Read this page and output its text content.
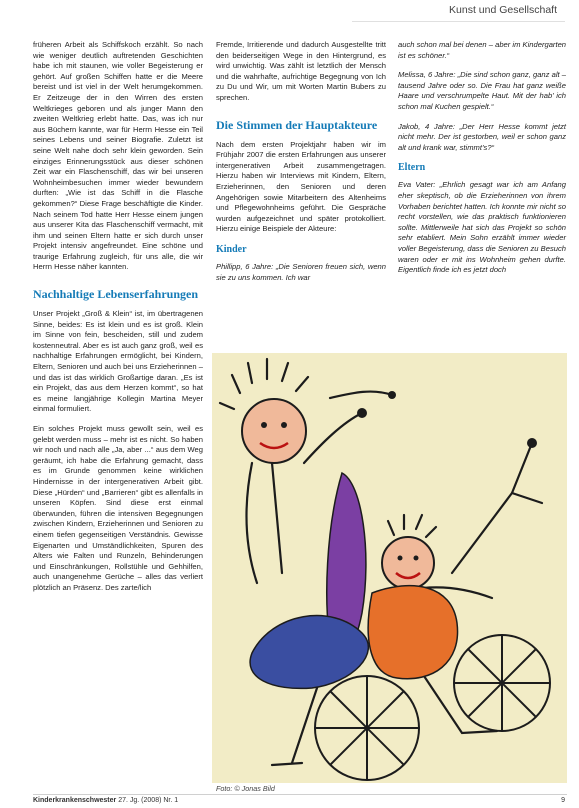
Kunst und Gesellschaft

früheren Arbeit als Schiffskoch erzählt. So nach wie weniger deutlich auftretenden Geschichten habe ich mit staunen, wie voller Begeisterung er gehört. Auf großen Schiffen hatte er die Meere bereist und ist viel in der Welt herumgekommen. Er Zeitzeuge der in den Wirren des ersten Weltkrieges geboren und als junger Mann den zweiten Weltkrieg erlebt hatte. Das, was ich nur aus Büchern kannte, war für Herrn Hesse ein Teil seines Lebens und seiner Biografie. Zuletzt ist seine Welt nahe doch sehr klein geworden. Sein einziges Erinnerungsstück aus dieser schönen Zeit war ein Flaschenschiff, das wir bei unseren Wohnheimbesuchen immer wieder bewundern durften: „Wie ist das Schiff in die Flasche gekommen?“ Diese Frage beschäftigte die Kinder. Nach seinem Tod hatte Herr Hesse einem jungen aus unserer Kita das Flaschenschiff vermacht, mit ihm und seinen Eltern hatte er sich durch unser Projekt intensiv angefreundet. Eine schöne und traurige Erfahrung zugleich, für uns alle, die wir Herrn Hesse näher kannten.

Nachhaltige Lebenserfahrungen

Unser Projekt „Groß & Klein“ ist, im übertragenen Sinne, beides: Es ist klein und es ist groß. Klein im Sinne von fein, bescheiden, still und zudem kostenneutral. Aber es ist auch ganz groß, weil es nachhaltige Erfahrungen ermöglicht, bei Kindern, Eltern, Senioren und auch bei uns Erzieherinnen – und das ist das wirklich Großartige daran. „Es ist ein Projekt, das aus dem Herzen kommt“, so hat es meine langjährige Kollegin Martina Meyer einmal formuliert.

Ein solches Projekt muss gewollt sein, weil es gelebt werden muss – mehr ist es nicht. So haben wir noch und nach alle „Ja, aber ...“ aus dem Weg geräumt, ich habe die Erfahrung gemacht, dass es im Grunde genommen keine wirklichen Hindernisse in der intergenerativen Arbeit gibt. Diese „Hürden“ und „Barrieren“ gibt es allenfalls in unseren Köpfen. Sind diese erst einmal überwunden, führen die intensiven Begegnungen zwischen Kindern, Erzieherinnen und Senioren zu einem tiefen gegenseitigen Verständnis. Gewisse Eigenarten und Umständlichkeiten, Spuren des Alters wie Falten und Runzeln, Behinderungen und Einschränkungen, Rollstühle und Gehhilfen, auch unangenehme Gerüche – alles das verliert plötzlich an Präsenz. Des zarte/lich

Fremde, Irritierende und dadurch Ausgestellte tritt den beiderseitigen Wege in den Hintergrund, es wird unwichtig. Was zählt ist letztlich der Mensch und die wahrhafte, aufrichtige Begegnung von Ich zu Du und Wir, um mit Worten Martin Bubers zu sprechen.

Die Stimmen der Hauptakteure

Nach dem ersten Projektjahr haben wir im Frühjahr 2007 die ersten Erfahrungen aus unserer intergenerativen Arbeit zusammengetragen. Hierzu haben wir Interviews mit Kindern, Eltern, Erzieherinnen, den Senioren und deren Angehörigen sowie Mitarbeitern des Altenheims und Pflegewohnheims geführt. Die Gespräche wurden aufgezeichnet und später protokolliert. Hierzu einige Beispiele der Akteure:

Kinder

Phillipp, 6 Jahre: „Die Senioren freuen sich, wenn sie zu uns kommen. Ich war

auch schon mal bei denen – aber im Kindergarten ist es schöner.“

Melissa, 6 Jahre: „Die sind schon ganz, ganz alt – tausend Jahre oder so. Die Frau hat ganz weiße Haare und verschrumpelte Haut. Mit der hab’ ich schon mal Kuchen gespielt.“

Jakob, 4 Jahre: „Der Herr Hesse kommt jetzt nicht mehr. Der ist gestorben, weil er schon ganz alt und krank war, stimmt’s?“

Eltern

Eva Vater: „Ehrlich gesagt war ich am Anfang eher skeptisch, ob die Erzieherinnen von ihrem Vorhaben berichtet hatten. Ich konnte mir nicht so recht vorstellen, wie das praktisch funktionieren sollte. Mittlerweile hat sich das Projekt so schön sehr etabliert. Mein Sohn erzählt immer wieder voller Begeisterung, dass die Senioren zu Besuch waren oder er mit ins Wohnheim gehen durfte. Eigentlich finde ich es jetzt doch

Foto: © Jonas Bild
Kinderkrankenschwester 27. Jg. (2008) Nr. 1	9
